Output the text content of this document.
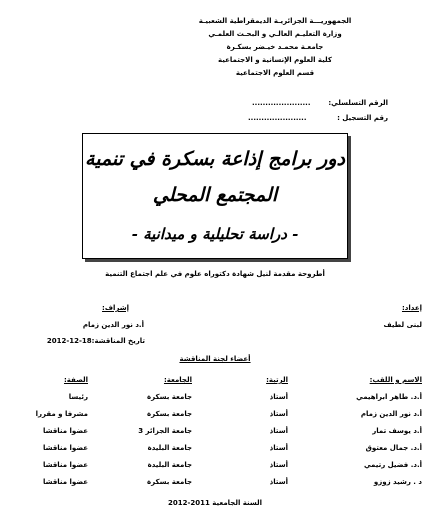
الجمهوريـــة الجزائريـة الديمقراطية الشعبيـة
وزارة التعليـم العالـي و البحـث العلمـي
جامعـة محمـد خيـضر بسكـرة
كلية العلوم الإنسانية و الاجتماعية
قسم العلوم الاجتماعية
الرقم التسلسلي:
......................
رقم التسجيل :
......................
دور برامج إذاعة بسكرة في تنمية
المجتمع المحلي
- دراسة تحليلية و ميدانية -
أطروحة مقدمة لنيل شهادة دكتوراه علوم في علم اجتماع التنمية
إعداد:
لبنى لطيف
إشراف:
أ.د نور الدين زمام
تاريخ المناقشة:18-12-2012
أعضاء لجنة المناقشة
الاسم و اللقب:
الرتبة:
الجامعة:
الصفة:
أ.د. طاهر ابراهيمي
أستاذ
جامعة بسكرة
رئيسا
أ.د نور الدين زمام
أستاذ
جامعة بسكرة
مشرفا و مقررا
أ.د يوسف تمار
أستاذ
جامعة الجزائر 3
عضوا مناقشا
أ.د. جمال معتوق
أستاذ
جامعة البليدة
عضوا مناقشا
أ.د. فضيل رتيمي
أستاذ
جامعة البليدة
عضوا مناقشا
د . رشيد زوزو
أستاذ
جامعة بسكرة
عضوا مناقشا
السنة الجامعية 2011-2012
